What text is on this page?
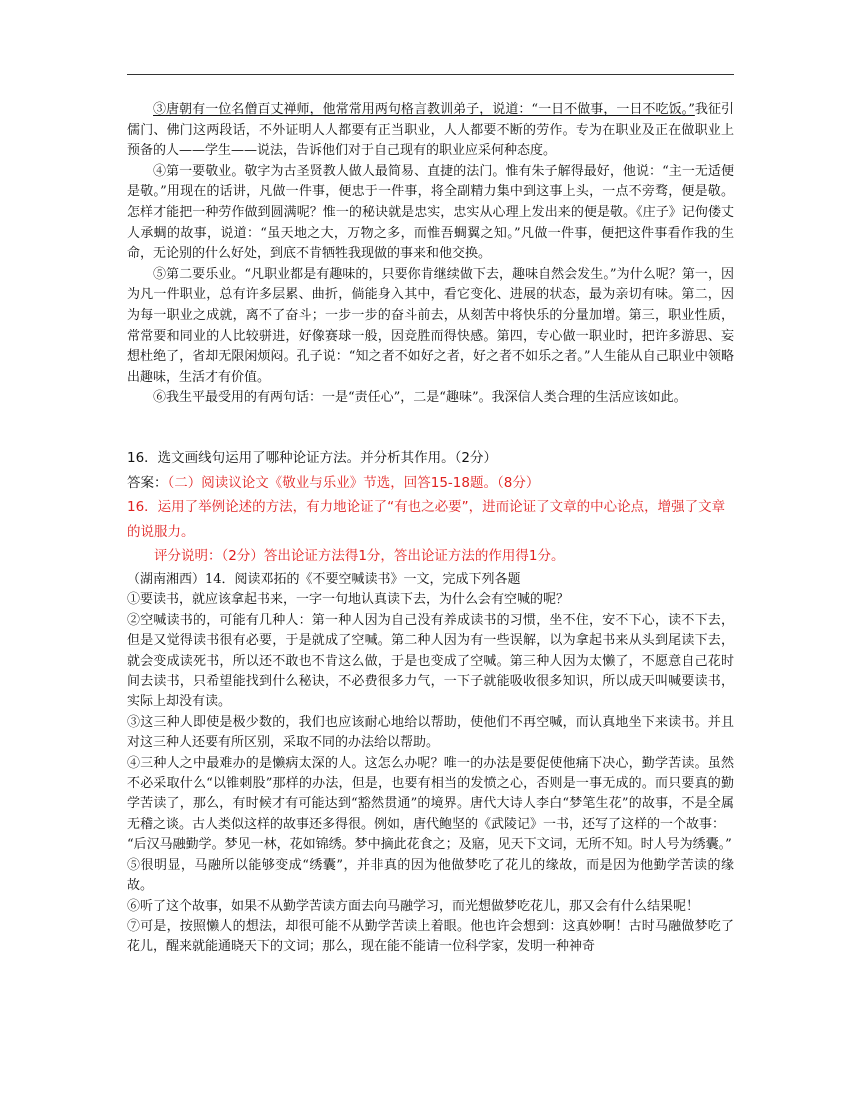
③唐朝有一位名僧百丈禅师，他常常用两句格言教训弟子，说道：“一日不做事，一日不吃饭。”我征引儒门、佛门这两段话，不外证明人人都要有正当职业，人人都要不断的劳作。专为在职业及正在做职业上预备的人——学生——说法，告诉他们对于自己现有的职业应采何种态度。

④第一要敬业。敬字为古圣贤教人做人最简易、直捷的法门。惟有朱子解得最好，他说：“主一无适便是敬。”用现在的话讲，凡做一件事，便忠于一件事，将全副精力集中到这事上头，一点不旁骛，便是敬。怎样才能把一种劳作做到圆满呢？惟一的秘诀就是忠实，忠实从心理上发出来的便是敬。《庄子》记佝偻丈人承蜩的故事，说道：“虽天地之大，万物之多，而惟吾蜩翼之知。”凡做一件事，便把这件事看作我的生命，无论别的什么好处，到底不肯牺牲我现做的事来和他交换。

⑤第二要乐业。“凡职业都是有趣味的，只要你肯继续做下去，趣味自然会发生。”为什么呢？第一，因为凡一件职业，总有许多层累、曲折，倘能身入其中，看它变化、进展的状态，最为亲切有味。第二，因为每一职业之成就，离不了奋斗；一步一步的奋斗前去，从刻苦中将快乐的分量加增。第三，职业性质，常常要和同业的人比较骈进，好像赛球一般，因竞胜而得快感。第四，专心做一职业时，把许多游思、妄想杜绝了，省却无限闲烦闷。孔子说：“知之者不如好之者，好之者不如乐之者。”人生能从自己职业中领略出趣味，生活才有价值。

⑥我生平最受用的有两句话：一是“责任心”，二是“趣味”。我深信人类合理的生活应该如此。

16．选文画线句运用了哪种论证方法。并分析其作用。（2分）

答案：（二）阅读议论文《敬业与乐业》节选，回答15-18题。（8分）

16．运用了举例论述的方法，有力地论证了“有也之必要”，进而论证了文章的中心论点，增强了文章的说服力。

评分说明：（2分）答出论证方法得1分，答出论证方法的作用得1分。

（湖南湘西）14．阅读邓拓的《不要空喊读书》一文，完成下列各题

①要读书，就应该拿起书来，一字一句地认真读下去，为什么会有空喊的呢？

②空喊读书的，可能有几种人：第一种人因为自己没有养成读书的习惯，坐不住，安不下心，读不下去，但是又觉得读书很有必要，于是就成了空喊。第二种人因为有一些误解，以为拿起书来从头到尾读下去，就会变成读死书，所以还不敢也不肯这么做，于是也变成了空喊。第三种人因为太懒了，不愿意自己花时间去读书，只希望能找到什么秘诀，不必费很多力气，一下子就能吸收很多知识，所以成天叫喊要读书，实际上却没有读。

③这三种人即使是极少数的，我们也应该耐心地给以帮助，使他们不再空喊，而认真地坐下来读书。并且对这三种人还要有所区别，采取不同的办法给以帮助。

④三种人之中最难办的是懒病太深的人。这怎么办呢？唯一的办法是要促使他痛下决心，勤学苦读。虽然不必采取什么“以锥刺股”那样的办法，但是，也要有相当的发愤之心，否则是一事无成的。而只要真的勤学苦读了，那么，有时候才有可能达到“豁然贯通”的境界。唐代大诗人李白“梦笔生花”的故事，不是全属无稽之谈。古人类似这样的故事还多得很。例如，唐代鲍坚的《武陵记》一书，还写了这样的一个故事：

“后汉马融勤学。梦见一林，花如锦绣。梦中摘此花食之；及寤，见天下文词，无所不知。时人号为绣囊。”

⑤很明显，马融所以能够变成“绣囊”，并非真的因为他做梦吃了花儿的缘故，而是因为他勤学苦读的缘故。

⑥听了这个故事，如果不从勤学苦读方面去向马融学习，而光想做梦吃花儿，那又会有什么结果呢！

⑦可是，按照懒人的想法，却很可能不从勤学苦读上着眼。他也许会想到：这真妙啊！古时马融做梦吃了花儿，醒来就能通晓天下的文词；那么，现在能不能请一位科学家，发明一种神奇
